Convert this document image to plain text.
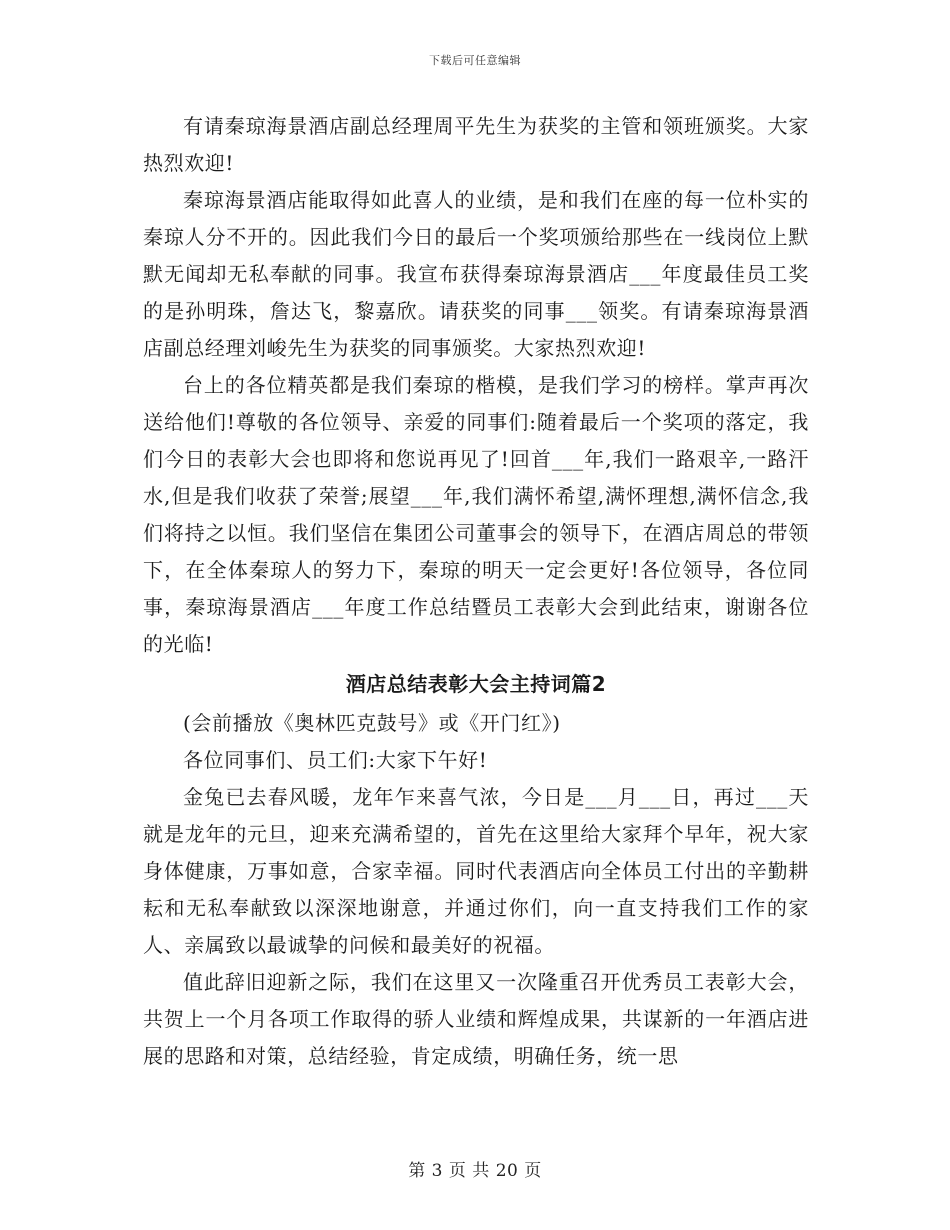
下载后可任意编辑

有请秦琼海景酒店副总经理周平先生为获奖的主管和领班颁奖。大家热烈欢迎!

秦琼海景酒店能取得如此喜人的业绩，是和我们在座的每一位朴实的秦琼人分不开的。因此我们今日的最后一个奖项颁给那些在一线岗位上默默无闻却无私奉献的同事。我宣布获得秦琼海景酒店___年度最佳员工奖的是孙明珠，詹达飞，黎嘉欣。请获奖的同事___领奖。有请秦琼海景酒店副总经理刘峻先生为获奖的同事颁奖。大家热烈欢迎!

台上的各位精英都是我们秦琼的楷模，是我们学习的榜样。掌声再次送给他们!尊敬的各位领导、亲爱的同事们:随着最后一个奖项的落定，我们今日的表彰大会也即将和您说再见了!回首___年,我们一路艰辛,一路汗水,但是我们收获了荣誉;展望___年,我们满怀希望,满怀理想,满怀信念,我们将持之以恒。我们坚信在集团公司董事会的领导下，在酒店周总的带领下，在全体秦琼人的努力下，秦琼的明天一定会更好!各位领导，各位同事，秦琼海景酒店___年度工作总结暨员工表彰大会到此结束，谢谢各位的光临!

酒店总结表彰大会主持词篇2

(会前播放《奥林匹克鼓号》或《开门红》)

各位同事们、员工们:大家下午好!

金兔已去春风暖，龙年乍来喜气浓，今日是___月___日，再过___天就是龙年的元旦，迎来充满希望的，首先在这里给大家拜个早年，祝大家身体健康，万事如意，合家幸福。同时代表酒店向全体员工付出的辛勤耕耘和无私奉献致以深深地谢意，并通过你们，向一直支持我们工作的家人、亲属致以最诚挚的问候和最美好的祝福。

值此辞旧迎新之际，我们在这里又一次隆重召开优秀员工表彰大会，共贺上一个月各项工作取得的骄人业绩和辉煌成果，共谋新的一年酒店进展的思路和对策，总结经验，肯定成绩，明确任务，统一思

第 3 页 共 20 页
